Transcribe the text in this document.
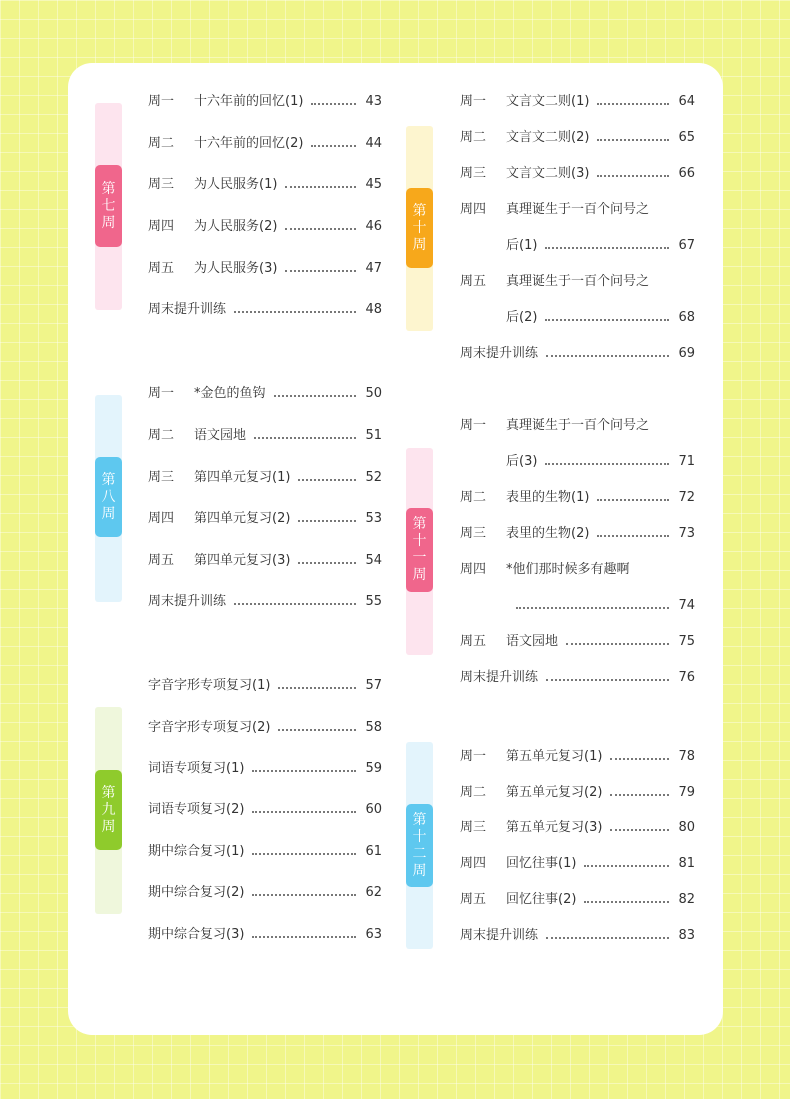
第
七
周
周一	十六年前的回忆(1)	43
周二	十六年前的回忆(2)	44
周三	为人民服务(1)	45
周四	为人民服务(2)	46
周五	为人民服务(3)	47
周末提升训练	48
第
八
周
周一	*金色的鱼钩	50
周二	语文园地	51
周三	第四单元复习(1)	52
周四	第四单元复习(2)	53
周五	第四单元复习(3)	54
周末提升训练	55
第
九
周
字音字形专项复习(1)	57
字音字形专项复习(2)	58
词语专项复习(1)	59
词语专项复习(2)	60
期中综合复习(1)	61
期中综合复习(2)	62
期中综合复习(3)	63
第
十
周
周一	文言文二则(1)	64
周二	文言文二则(2)	65
周三	文言文二则(3)	66
周四	真理诞生于一百个问号之
后(1)	67
周五	真理诞生于一百个问号之
后(2)	68
周末提升训练	69
第
十
一
周
周一	真理诞生于一百个问号之
后(3)	71
周二	表里的生物(1)	72
周三	表里的生物(2)	73
周四	*他们那时候多有趣啊
74
周五	语文园地	75
周末提升训练	76
第
十
二
周
周一	第五单元复习(1)	78
周二	第五单元复习(2)	79
周三	第五单元复习(3)	80
周四	回忆往事(1)	81
周五	回忆往事(2)	82
周末提升训练	83
